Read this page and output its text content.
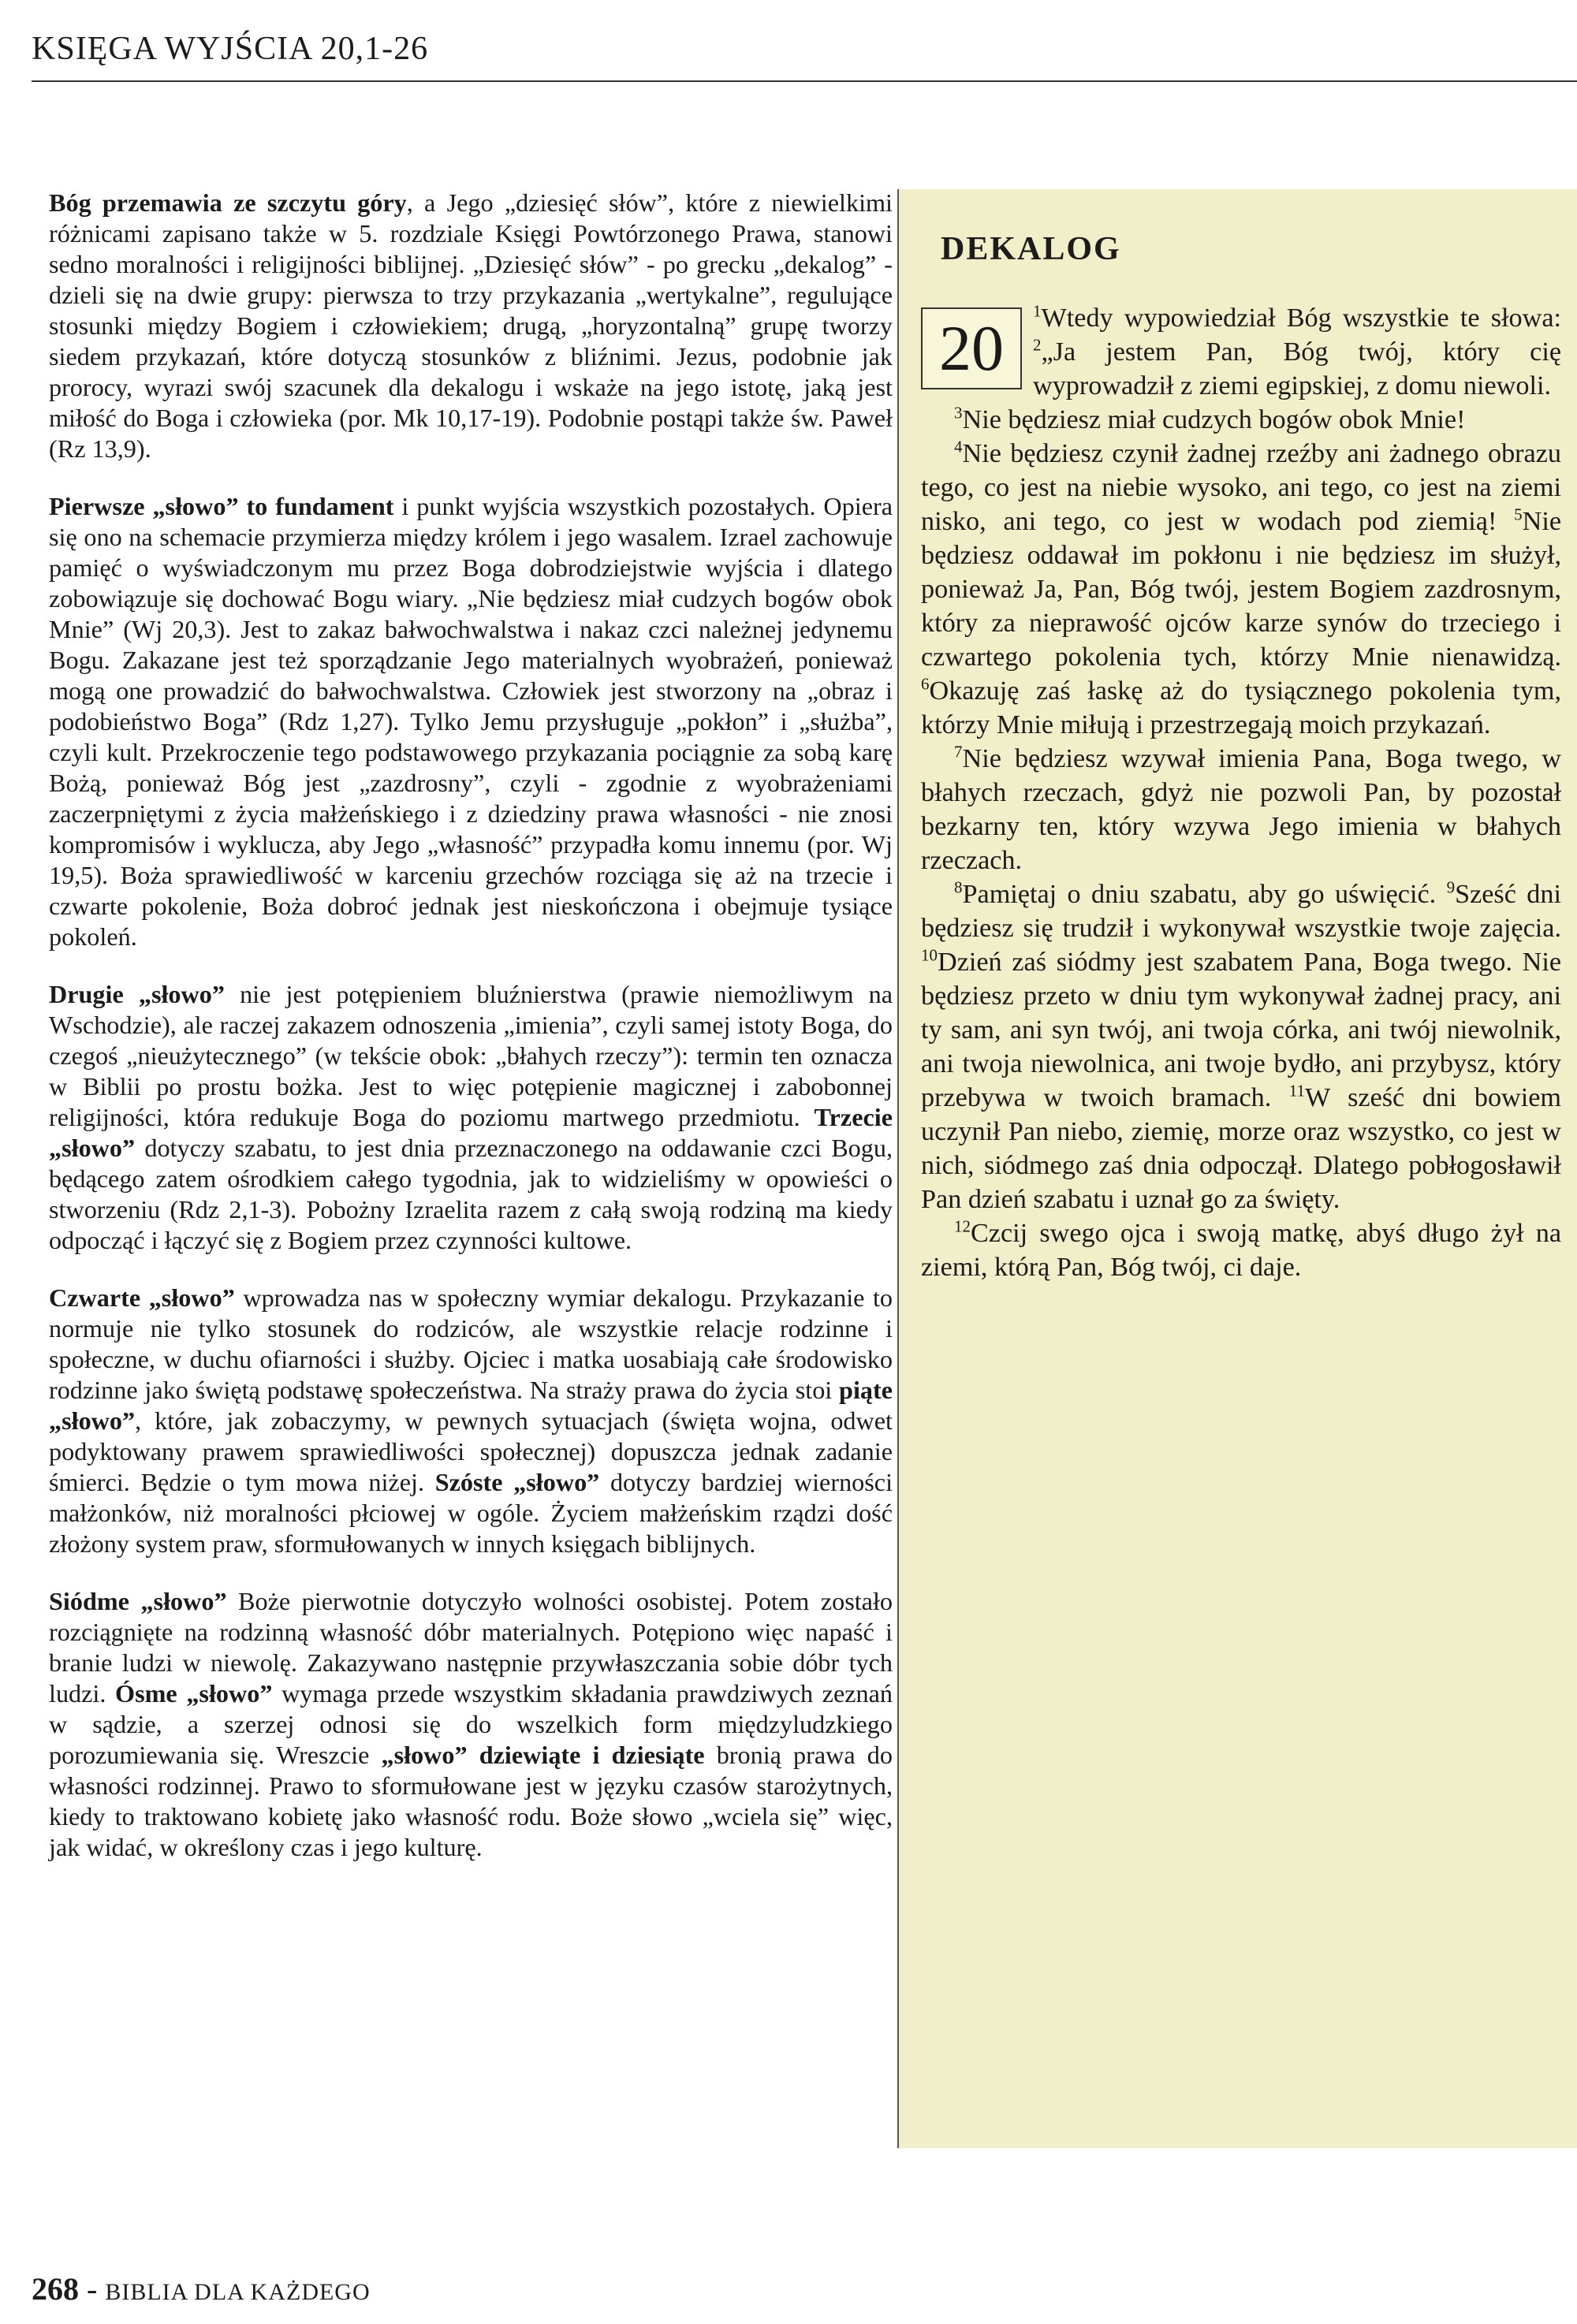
KSIĘGA WYJŚCIA 20,1-26

Bóg przemawia ze szczytu góry, a Jego „dziesięć słów”, które z niewielkimi różnicami zapisano także w 5. rozdziale Księgi Powtórzonego Prawa, stanowi sedno moralności i religijności biblijnej. „Dziesięć słów” - po grecku „dekalog” - dzieli się na dwie grupy: pierwsza to trzy przykazania „wertykalne”, regulujące stosunki między Bogiem i człowiekiem; drugą, „horyzontalną” grupę tworzy siedem przykazań, które dotyczą stosunków z bliźnimi. Jezus, podobnie jak prorocy, wyrazi swój szacunek dla dekalogu i wskaże na jego istotę, jaką jest miłość do Boga i człowieka (por. Mk 10,17-19). Podobnie postąpi także św. Paweł (Rz 13,9).

Pierwsze „słowo” to fundament i punkt wyjścia wszystkich pozostałych. Opiera się ono na schemacie przymierza między królem i jego wasalem. Izrael zachowuje pamięć o wyświadczonym mu przez Boga dobrodziejstwie wyjścia i dlatego zobowiązuje się dochować Bogu wiary. „Nie będziesz miał cudzych bogów obok Mnie” (Wj 20,3). Jest to zakaz bałwochwalstwa i nakaz czci należnej jedynemu Bogu. Zakazane jest też sporządzanie Jego materialnych wyobrażeń, ponieważ mogą one prowadzić do bałwochwalstwa. Człowiek jest stworzony na „obraz i podobieństwo Boga” (Rdz 1,27). Tylko Jemu przysługuje „pokłon” i „służba”, czyli kult. Przekroczenie tego podstawowego przykazania pociągnie za sobą karę Bożą, ponieważ Bóg jest „zazdrosny”, czyli - zgodnie z wyobrażeniami zaczerpniętymi z życia małżeńskiego i z dziedziny prawa własności - nie znosi kompromisów i wyklucza, aby Jego „własność” przypadła komu innemu (por. Wj 19,5). Boża sprawiedliwość w karceniu grzechów rozciąga się aż na trzecie i czwarte pokolenie, Boża dobroć jednak jest nieskończona i obejmuje tysiące pokoleń.

Drugie „słowo” nie jest potępieniem bluźnierstwa (prawie niemożliwym na Wschodzie), ale raczej zakazem odnoszenia „imienia”, czyli samej istoty Boga, do czegoś „nieużytecznego” (w tekście obok: „błahych rzeczy”): termin ten oznacza w Biblii po prostu bożka. Jest to więc potępienie magicznej i zabobonnej religijności, która redukuje Boga do poziomu martwego przedmiotu. Trzecie „słowo” dotyczy szabatu, to jest dnia przeznaczonego na oddawanie czci Bogu, będącego zatem ośrodkiem całego tygodnia, jak to widzieliśmy w opowieści o stworzeniu (Rdz 2,1-3). Pobożny Izraelita razem z całą swoją rodziną ma kiedy odpocząć i łączyć się z Bogiem przez czynności kultowe.

Czwarte „słowo” wprowadza nas w społeczny wymiar dekalogu. Przykazanie to normuje nie tylko stosunek do rodziców, ale wszystkie relacje rodzinne i społeczne, w duchu ofiarności i służby. Ojciec i matka uosabiają całe środowisko rodzinne jako świętą podstawę społeczeństwa. Na straży prawa do życia stoi piąte „słowo”, które, jak zobaczymy, w pewnych sytuacjach (święta wojna, odwet podyktowany prawem sprawiedliwości społecznej) dopuszcza jednak zadanie śmierci. Będzie o tym mowa niżej. Szóste „słowo” dotyczy bardziej wierności małżonków, niż moralności płciowej w ogóle. Życiem małżeńskim rządzi dość złożony system praw, sformułowanych w innych księgach biblijnych.

Siódme „słowo” Boże pierwotnie dotyczyło wolności osobistej. Potem zostało rozciągnięte na rodzinną własność dóbr materialnych. Potępiono więc napaść i branie ludzi w niewolę. Zakazywano następnie przywłaszczania sobie dóbr tych ludzi. Ósme „słowo” wymaga przede wszystkim składania prawdziwych zeznań w sądzie, a szerzej odnosi się do wszelkich form międzyludzkiego porozumiewania się. Wreszcie „słowo” dziewiąte i dziesiąte bronią prawa do własności rodzinnej. Prawo to sformułowane jest w języku czasów starożytnych, kiedy to traktowano kobietę jako własność rodu. Boże słowo „wciela się” więc, jak widać, w określony czas i jego kulturę.

DEKALOG

20
$^1$Wtedy wypowiedział Bóg wszystkie te słowa: $^2$„Ja jestem Pan, Bóg twój, który cię wyprowadził z ziemi egipskiej, z domu niewoli.

$^3$Nie będziesz miał cudzych bogów obok Mnie!

$^4$Nie będziesz czynił żadnej rzeźby ani żadnego obrazu tego, co jest na niebie wysoko, ani tego, co jest na ziemi nisko, ani tego, co jest w wodach pod ziemią! $^5$Nie będziesz oddawał im pokłonu i nie będziesz im służył, ponieważ Ja, Pan, Bóg twój, jestem Bogiem zazdrosnym, który za nieprawość ojców karze synów do trzeciego i czwartego pokolenia tych, którzy Mnie nienawidzą. $^6$Okazuję zaś łaskę aż do tysiącznego pokolenia tym, którzy Mnie miłują i przestrzegają moich przykazań.

$^7$Nie będziesz wzywał imienia Pana, Boga twego, w błahych rzeczach, gdyż nie pozwoli Pan, by pozostał bezkarny ten, który wzywa Jego imienia w błahych rzeczach.

$^8$Pamiętaj o dniu szabatu, aby go uświęcić. $^9$Sześć dni będziesz się trudził i wykonywał wszystkie twoje zajęcia. $^{10}$Dzień zaś siódmy jest szabatem Pana, Boga twego. Nie będziesz przeto w dniu tym wykonywał żadnej pracy, ani ty sam, ani syn twój, ani twoja córka, ani twój niewolnik, ani twoja niewolnica, ani twoje bydło, ani przybysz, który przebywa w twoich bramach. $^{11}$W sześć dni bowiem uczynił Pan niebo, ziemię, morze oraz wszystko, co jest w nich, siódmego zaś dnia odpoczął. Dlatego pobłogosławił Pan dzień szabatu i uznał go za święty.

$^{12}$Czcij swego ojca i swoją matkę, abyś długo żył na ziemi, którą Pan, Bóg twój, ci daje.

268 - BIBLIA DLA KAŻDEGO
